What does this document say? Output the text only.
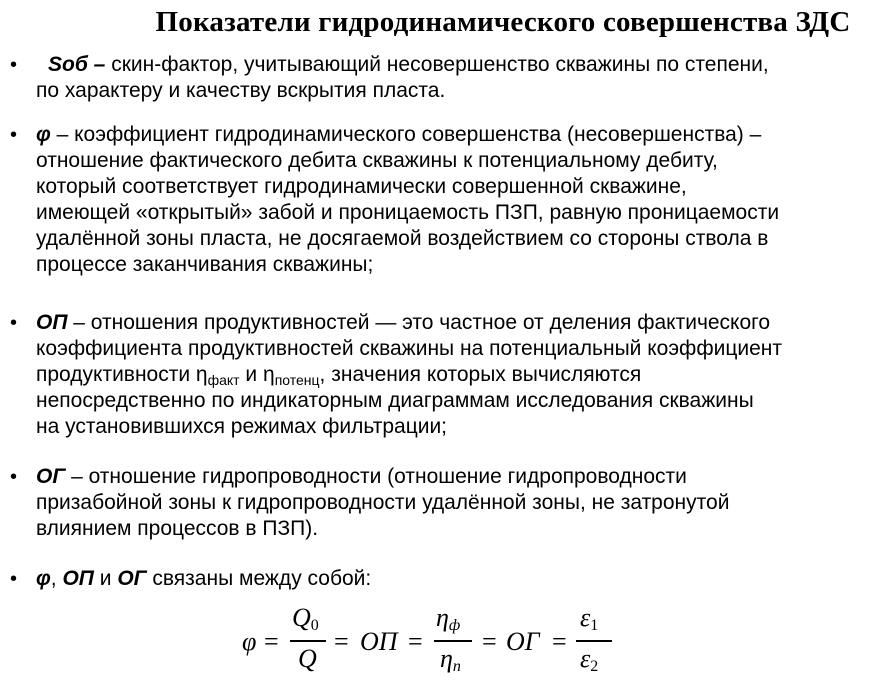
Показатели гидродинамического совершенства ЗДС
•	Sоб – скин-фактор, учитывающий несовершенство скважины по степени,
по характеру и качеству вскрытия пласта.
• φ – коэффициент гидродинамического совершенства (несовершенства) –
отношение фактического дебита скважины к потенциальному дебиту,
который соответствует гидродинамически совершенной скважине,
имеющей «открытый» забой и проницаемость ПЗП, равную проницаемости
удалённой зоны пласта, не досягаемой воздействием со стороны ствола в
процессе заканчивания скважины;
• ОП – отношения продуктивностей — это частное от деления фактического
коэффициента продуктивностей скважины на потенциальный коэффициент
продуктивности $\eta_{факт}$ и $\eta_{потенц}$, значения которых вычисляются
непосредственно по индикаторным диаграммам исследования скважины
на установившихся режимах фильтрации;
• ОГ – отношение гидропроводности (отношение гидропроводности
призабойной зоны к гидропроводности удалённой зоны, не затронутой
влиянием процессов в ПЗП).
• φ, ОП и ОГ связаны между собой:
φ =
$Q_0$
Q
= ОП =
$\eta_ф$
$\eta_п$
= ОГ =
$\varepsilon_1$
$\varepsilon_2$
